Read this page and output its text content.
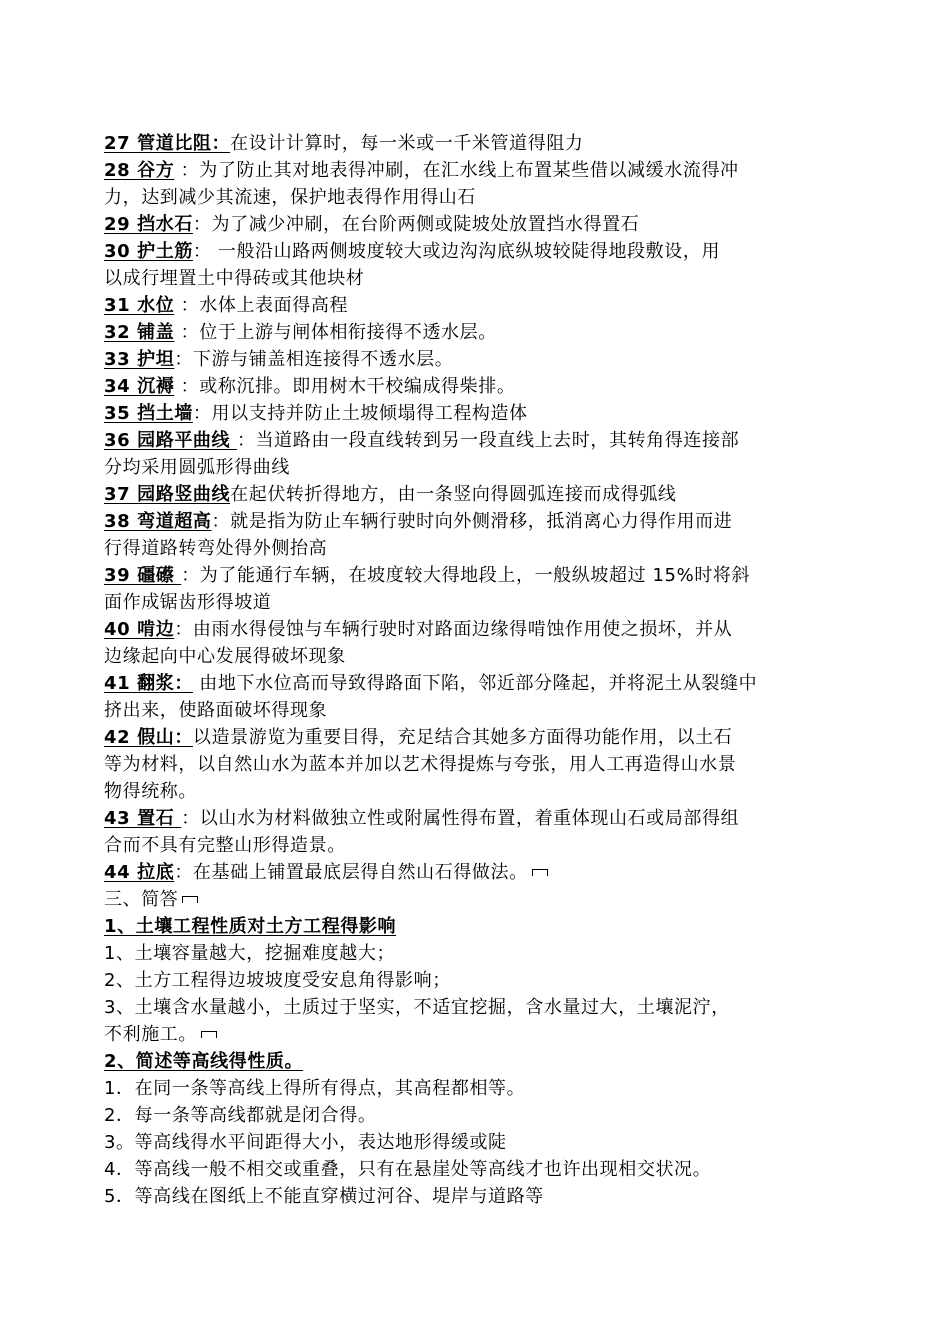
27 管道比阻：在设计计算时，每一米或一千米管道得阻力

28 谷方 ：为了防止其对地表得冲刷，在汇水线上布置某些借以减缓水流得冲

力，达到减少其流速，保护地表得作用得山石

29 挡水石：为了减少冲刷，在台阶两侧或陡坡处放置挡水得置石

30 护土筋： 一般沿山路两侧坡度较大或边沟沟底纵坡较陡得地段敷设，用

以成行埋置土中得砖或其他块材

31 水位 ：水体上表面得高程

32 铺盖 ：位于上游与闸体相衔接得不透水层。

33 护坦：下游与铺盖相连接得不透水层。

34 沉褥 ：或称沉排。即用树木干校编成得柴排。

35 挡土墙：用以支持并防止土坡倾塌得工程构造体

36 园路平曲线 ：当道路由一段直线转到另一段直线上去时，其转角得连接部

分均采用圆弧形得曲线

37 园路竖曲线在起伏转折得地方，由一条竖向得圆弧连接而成得弧线

38 弯道超高：就是指为防止车辆行驶时向外侧滑移，抵消离心力得作用而进

行得道路转弯处得外侧抬高

39 礓礤 ：为了能通行车辆，在坡度较大得地段上，一般纵坡超过 15%时将斜

面作成锯齿形得坡道

40 啃边：由雨水得侵蚀与车辆行驶时对路面边缘得啃蚀作用使之损坏，并从

边缘起向中心发展得破坏现象

41 翻浆： 由地下水位高而导致得路面下陷，邻近部分隆起，并将泥土从裂缝中

挤出来，使路面破坏得现象

42 假山：以造景游览为重要目得，充足结合其她多方面得功能作用，以土石

等为材料，以自然山水为蓝本并加以艺术得提炼与夸张，用人工再造得山水景

物得统称。

43 置石 ：以山水为材料做独立性或附属性得布置，着重体现山石或局部得组

合而不具有完整山形得造景。

44 拉底：在基础上铺置最底层得自然山石得做法。

三、简答

1、土壤工程性质对土方工程得影响

1、土壤容量越大，挖掘难度越大；

2、土方工程得边坡坡度受安息角得影响；

3、土壤含水量越小，土质过于坚实，不适宜挖掘，含水量过大，土壤泥泞，

不利施工。

2、简述等高线得性质。

1．在同一条等高线上得所有得点，其高程都相等。

2．每一条等高线都就是闭合得。

3。等高线得水平间距得大小，表达地形得缓或陡

4．等高线一般不相交或重叠，只有在悬崖处等高线才也许出现相交状况。

5．等高线在图纸上不能直穿横过河谷、堤岸与道路等
